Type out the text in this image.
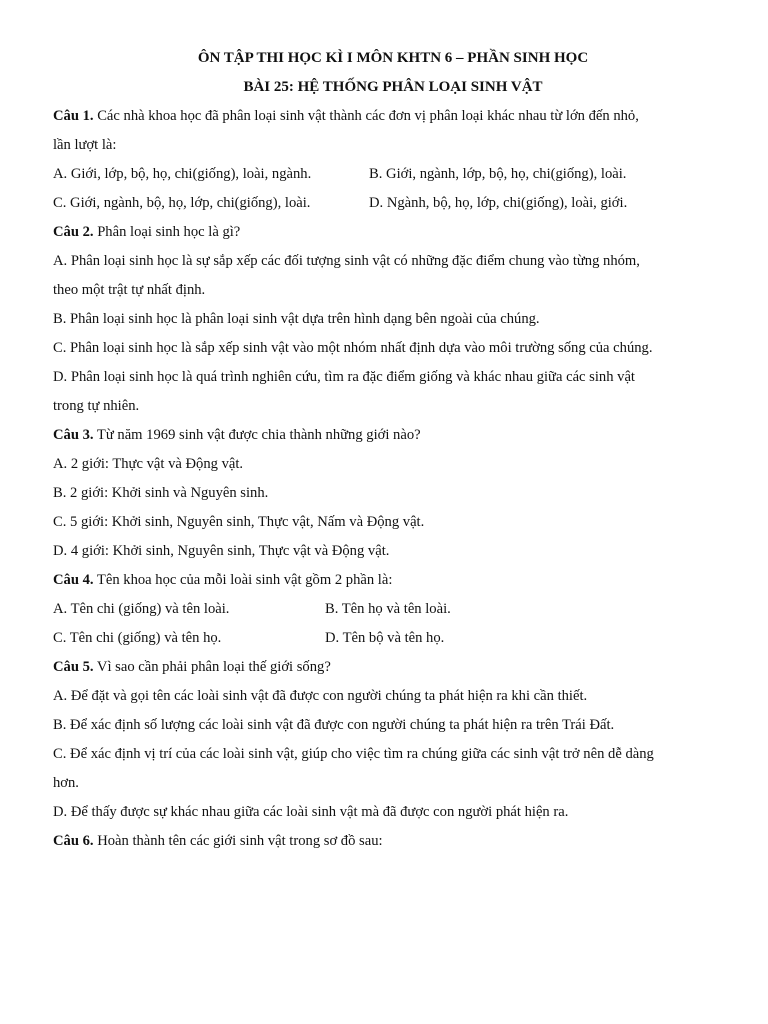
ÔN TẬP THI HỌC KÌ I MÔN KHTN 6 – PHẦN SINH HỌC

BÀI 25: HỆ THỐNG PHÂN LOẠI SINH VẬT

Câu 1. Các nhà khoa học đã phân loại sinh vật thành các đơn vị phân loại khác nhau từ lớn đến nhỏ,

lần lượt là:

A. Giới, lớp, bộ, họ, chi(giống), loài, ngành.	B. Giới, ngành, lớp, bộ, họ, chi(giống), loài.
C. Giới, ngành, bộ, họ, lớp, chi(giống), loài.	D. Ngành, bộ, họ, lớp, chi(giống), loài, giới.

Câu 2. Phân loại sinh học là gì?

A. Phân loại sinh học là sự sắp xếp các đối tượng sinh vật có những đặc điểm chung vào từng nhóm,

theo một trật tự nhất định.

B. Phân loại sinh học là phân loại sinh vật dựa trên hình dạng bên ngoài của chúng.

C. Phân loại sinh học là sắp xếp sinh vật vào một nhóm nhất định dựa vào môi trường sống của chúng.

D. Phân loại sinh học là quá trình nghiên cứu, tìm ra đặc điểm giống và khác nhau giữa các sinh vật

trong tự nhiên.

Câu 3. Từ năm 1969 sinh vật được chia thành những giới nào?

A. 2 giới: Thực vật và Động vật.

B. 2 giới: Khởi sinh và Nguyên sinh.

C. 5 giới: Khởi sinh, Nguyên sinh, Thực vật, Nấm và Động vật.

D. 4 giới: Khởi sinh, Nguyên sinh, Thực vật và Động vật.

Câu 4. Tên khoa học của mỗi loài sinh vật gồm 2 phần là:

A. Tên chi (giống) và tên loài.	B. Tên họ và tên loài.
C. Tên chi (giống) và tên họ.	D. Tên bộ và tên họ.

Câu 5. Vì sao cần phải phân loại thế giới sống?

A. Để đặt và gọi tên các loài sinh vật đã được con người chúng ta phát hiện ra khi cần thiết.

B. Để xác định số lượng các loài sinh vật đã được con người chúng ta phát hiện ra trên Trái Đất.

C. Để xác định vị trí của các loài sinh vật, giúp cho việc tìm ra chúng giữa các sinh vật trở nên dễ dàng

hơn.

D. Để thấy được sự khác nhau giữa các loài sinh vật mà đã được con người phát hiện ra.

Câu 6. Hoàn thành tên các giới sinh vật trong sơ đồ sau:
